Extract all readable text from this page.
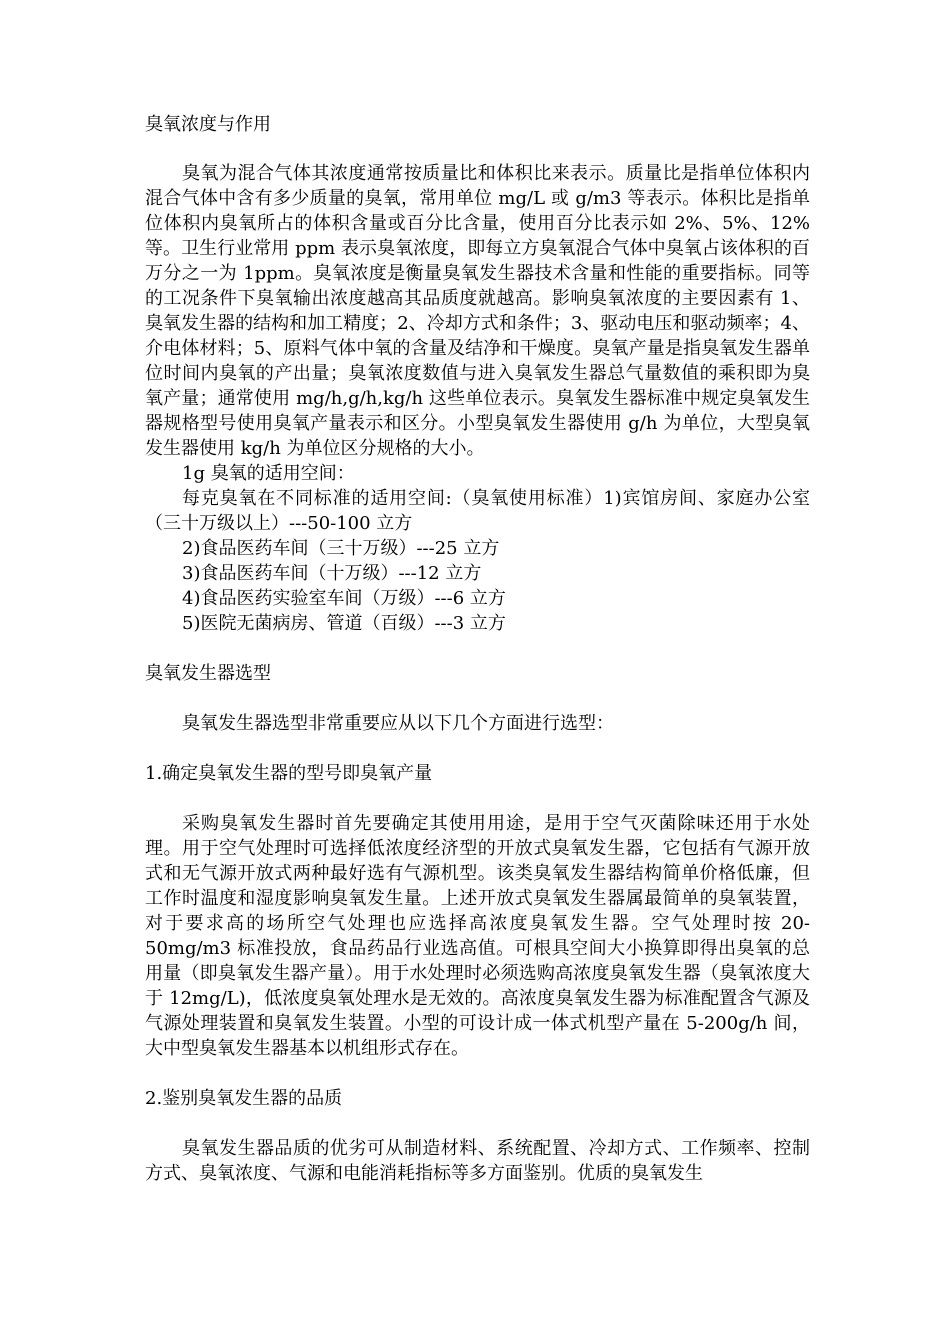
臭氧浓度与作用

臭氧为混合气体其浓度通常按质量比和体积比来表示。质量比是指单位体积内混合气体中含有多少质量的臭氧，常用单位 mg/L 或 g/m3 等表示。体积比是指单位体积内臭氧所占的体积含量或百分比含量，使用百分比表示如 2%、5%、12%等。卫生行业常用 ppm 表示臭氧浓度，即每立方臭氧混合气体中臭氧占该体积的百万分之一为 1ppm。臭氧浓度是衡量臭氧发生器技术含量和性能的重要指标。同等的工况条件下臭氧输出浓度越高其品质度就越高。影响臭氧浓度的主要因素有 1、臭氧发生器的结构和加工精度；2、冷却方式和条件；3、驱动电压和驱动频率；4、介电体材料；5、原料气体中氧的含量及结净和干燥度。臭氧产量是指臭氧发生器单位时间内臭氧的产出量；臭氧浓度数值与进入臭氧发生器总气量数值的乘积即为臭氧产量；通常使用 mg/h,g/h,kg/h 这些单位表示。臭氧发生器标准中规定臭氧发生器规格型号使用臭氧产量表示和区分。小型臭氧发生器使用 g/h 为单位，大型臭氧发生器使用 kg/h 为单位区分规格的大小。

1g 臭氧的适用空间：

每克臭氧在不同标准的适用空间:（臭氧使用标准）1)宾馆房间、家庭办公室（三十万级以上）---50-100 立方

2)食品医药车间（三十万级）---25 立方

3)食品医药车间（十万级）---12 立方

4)食品医药实验室车间（万级）---6 立方

5)医院无菌病房、管道（百级）---3 立方

臭氧发生器选型

臭氧发生器选型非常重要应从以下几个方面进行选型：

1.确定臭氧发生器的型号即臭氧产量

采购臭氧发生器时首先要确定其使用用途，是用于空气灭菌除味还用于水处理。用于空气处理时可选择低浓度经济型的开放式臭氧发生器，它包括有气源开放式和无气源开放式两种最好选有气源机型。该类臭氧发生器结构简单价格低廉，但工作时温度和湿度影响臭氧发生量。上述开放式臭氧发生器属最简单的臭氧装置，对于要求高的场所空气处理也应选择高浓度臭氧发生器。空气处理时按 20-50mg/m3 标准投放，食品药品行业选高值。可根具空间大小换算即得出臭氧的总用量（即臭氧发生器产量）。用于水处理时必须选购高浓度臭氧发生器（臭氧浓度大于 12mg/L)，低浓度臭氧处理水是无效的。高浓度臭氧发生器为标准配置含气源及气源处理装置和臭氧发生装置。小型的可设计成一体式机型产量在 5-200g/h 间，大中型臭氧发生器基本以机组形式存在。

2.鉴别臭氧发生器的品质

臭氧发生器品质的优劣可从制造材料、系统配置、冷却方式、工作频率、控制方式、臭氧浓度、气源和电能消耗指标等多方面鉴别。优质的臭氧发生
